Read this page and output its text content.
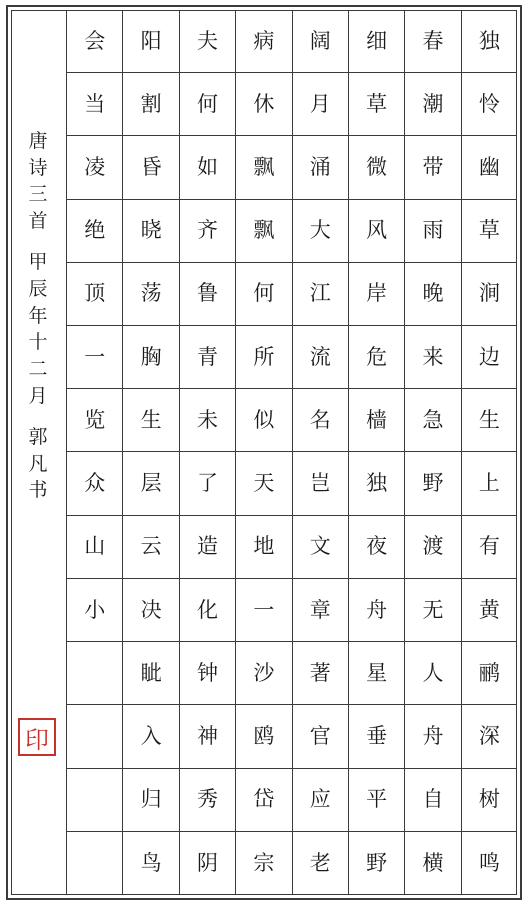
独
怜
幽
草
涧
边
生
上
有
黄
鹂
深
树
鸣
春
潮
带
雨
晚
来
急
野
渡
无
人
舟
自
横
细
草
微
风
岸
危
樯
独
夜
舟
星
垂
平
野
阔
月
涌
大
江
流
名
岂
文
章
著
官
应
老
病
休
飘
飘
何
所
似
天
地
一
沙
鸥
岱
宗
夫
何
如
齐
鲁
青
未
了
造
化
钟
神
秀
阴
阳
割
昏
晓
荡
胸
生
层
云
决
眦
入
归
鸟
会
当
凌
绝
顶
一
览
众
山
小
唐
诗
三
首
甲
辰
年
十
二
月
郭
凡
书
印
